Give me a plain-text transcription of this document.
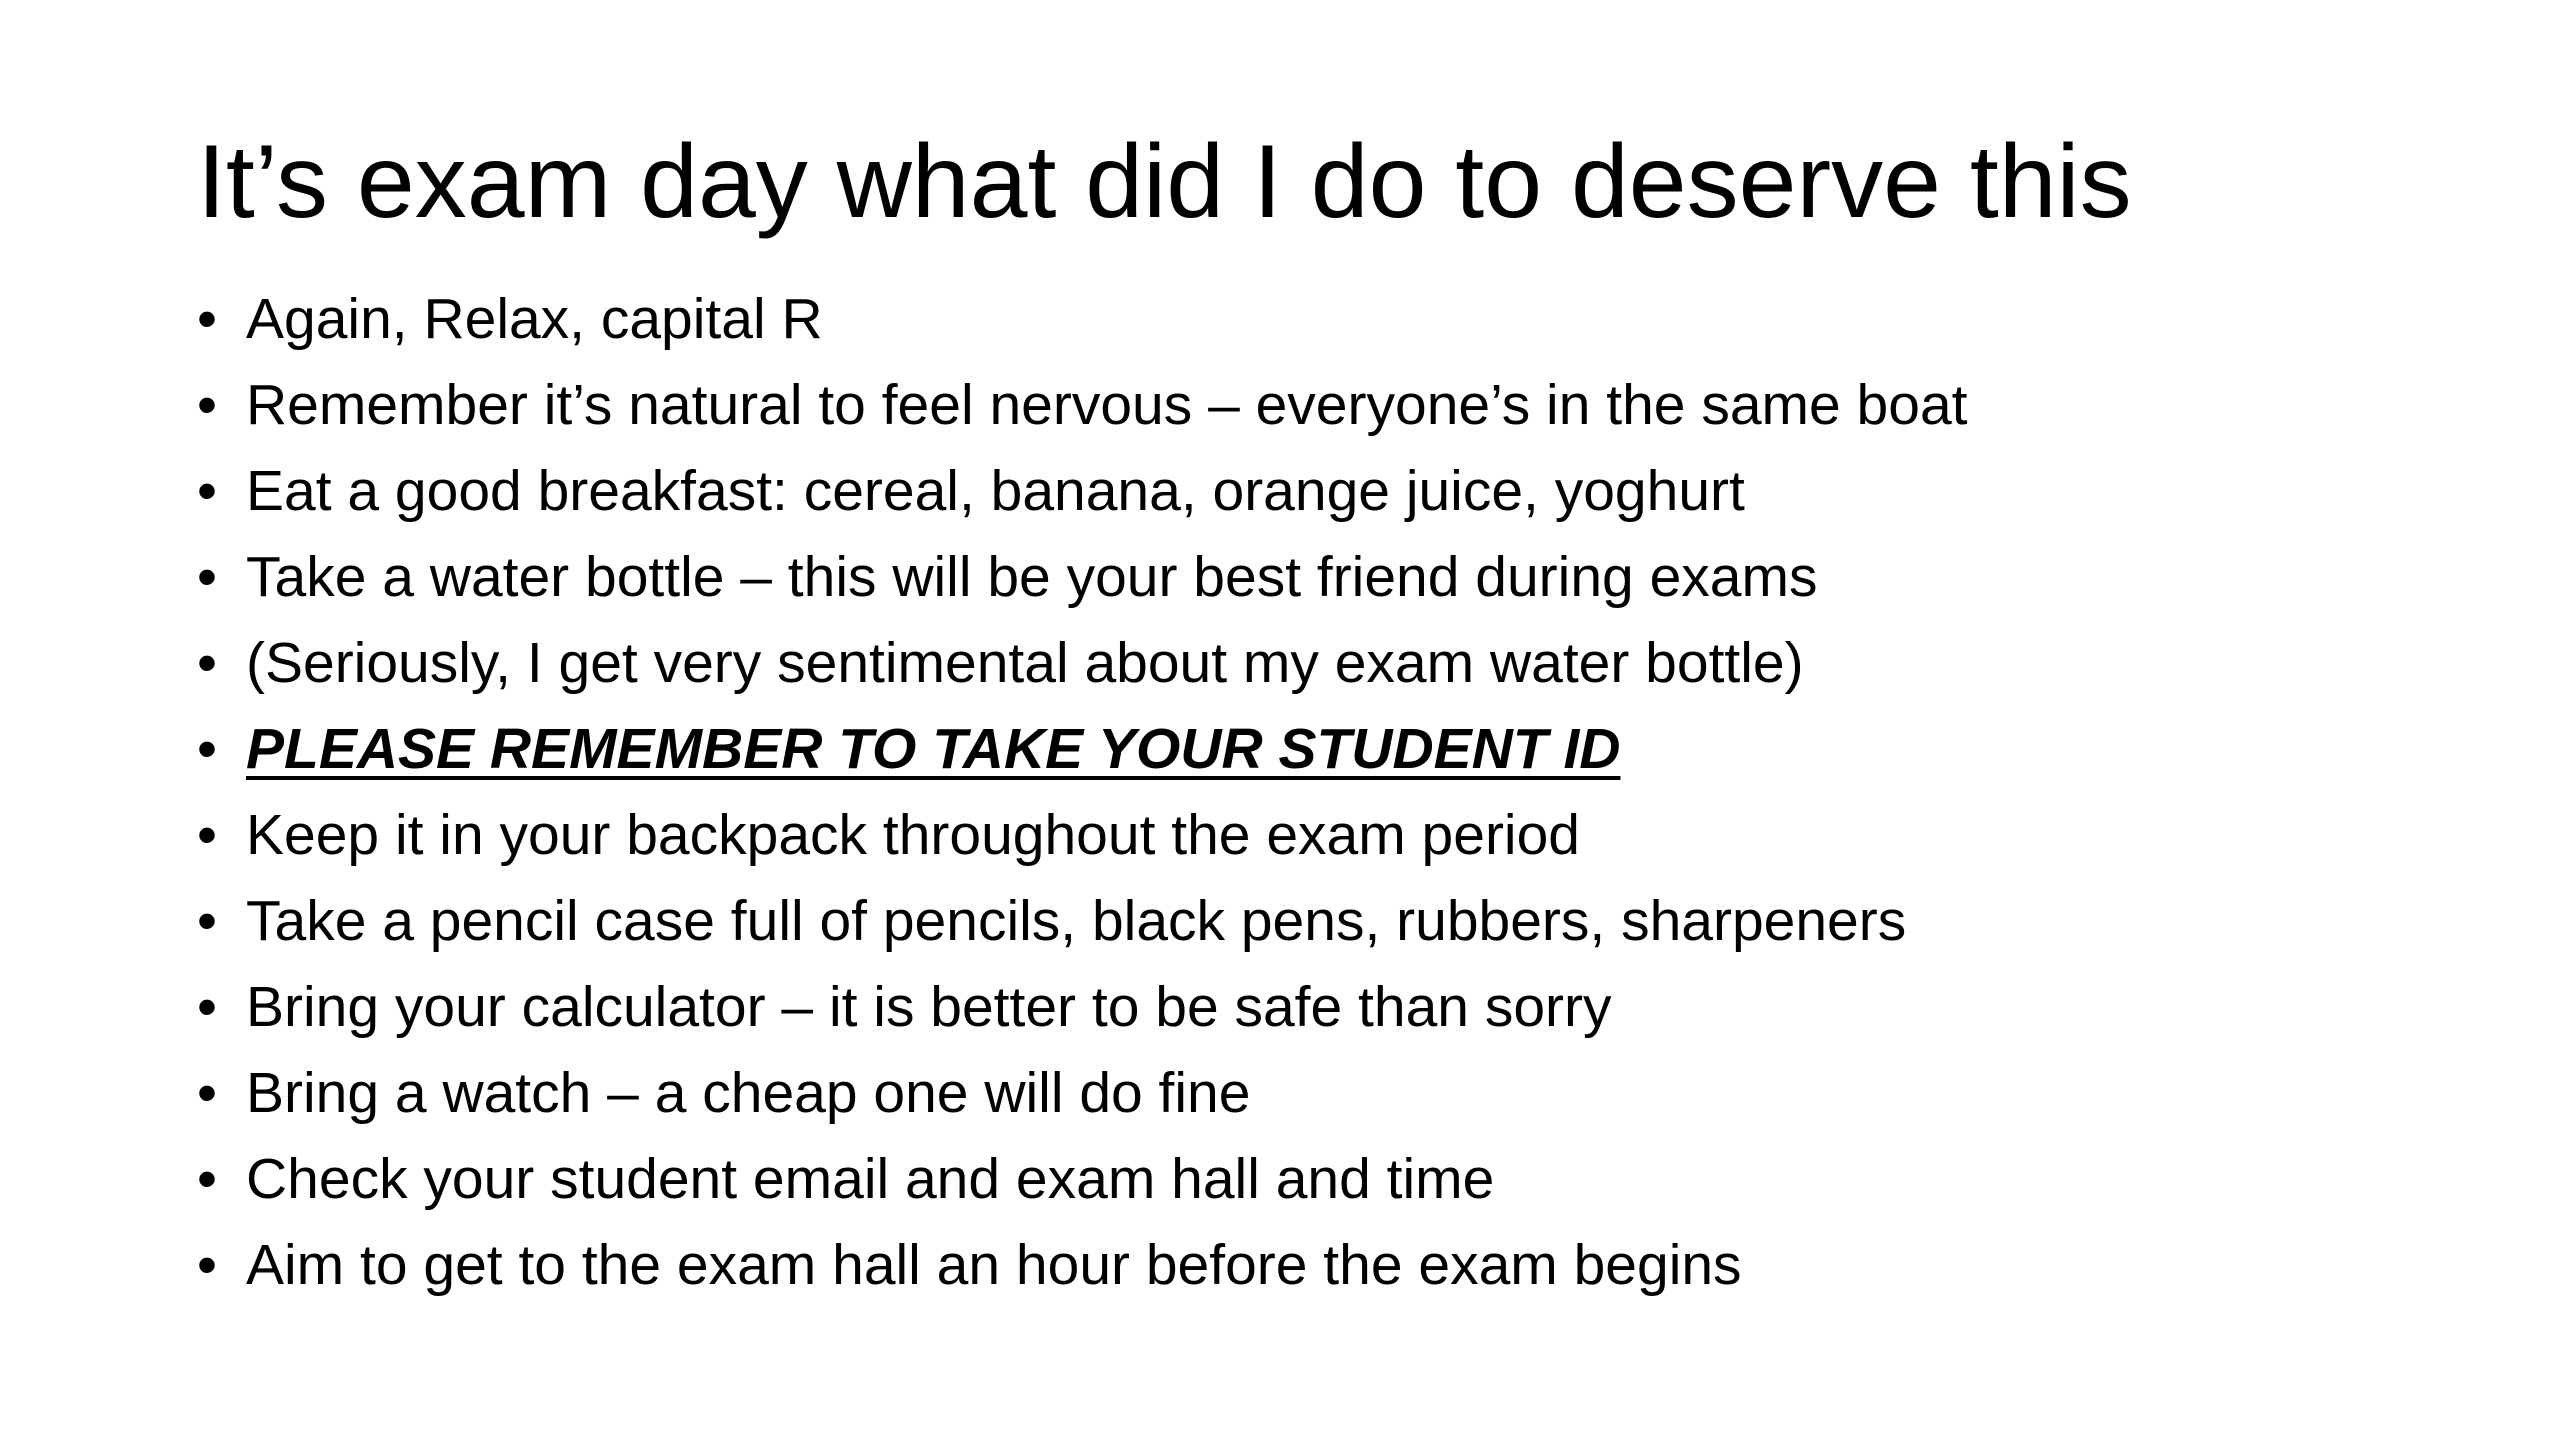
It’s exam day what did I do to deserve this
• Again, Relax, capital R
• Remember it’s natural to feel nervous – everyone’s in the same boat
• Eat a good breakfast: cereal, banana, orange juice, yoghurt
• Take a water bottle – this will be your best friend during exams
• (Seriously, I get very sentimental about my exam water bottle)
• PLEASE REMEMBER TO TAKE YOUR STUDENT ID
• Keep it in your backpack throughout the exam period
• Take a pencil case full of pencils, black pens, rubbers, sharpeners
• Bring your calculator – it is better to be safe than sorry
• Bring a watch – a cheap one will do fine
• Check your student email and exam hall and time
• Aim to get to the exam hall an hour before the exam begins
